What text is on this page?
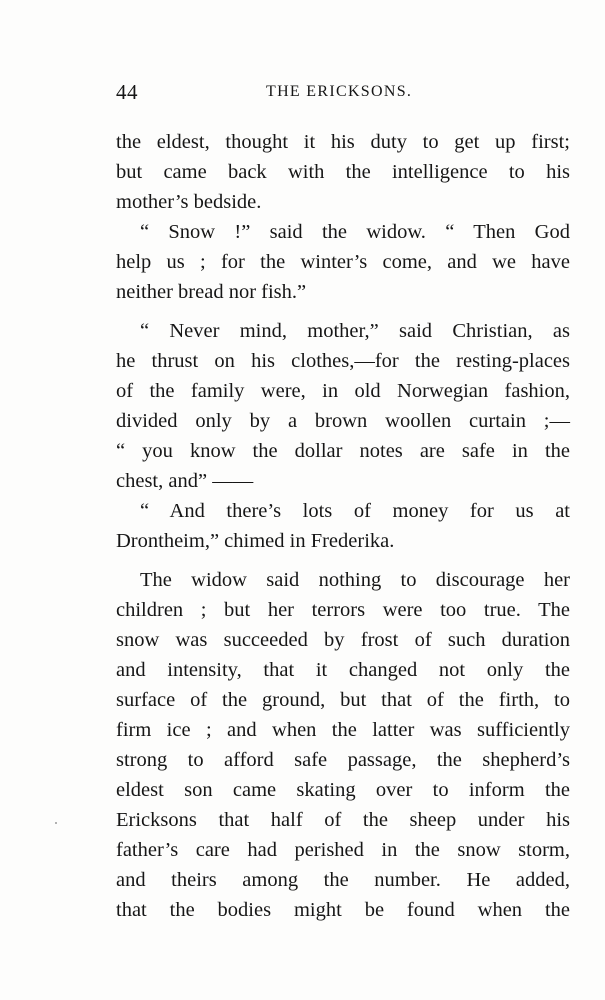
44	THE ERICKSONS.
the eldest, thought it his duty to get up first;
but came back with the intelligence to his
mother’s bedside.
“ Snow !” said the widow. “ Then God
help us ; for the winter’s come, and we have
neither bread nor fish.”
“ Never mind, mother,” said Christian, as
he thrust on his clothes,—for the resting-places
of the family were, in old Norwegian fashion,
divided only by a brown woollen curtain ;—
“ you know the dollar notes are safe in the
chest, and” ——
“ And there’s lots of money for us at
Drontheim,” chimed in Frederika.
The widow said nothing to discourage her
children ; but her terrors were too true. The
snow was succeeded by frost of such duration
and intensity, that it changed not only the
surface of the ground, but that of the firth, to
firm ice ; and when the latter was sufficiently
strong to afford safe passage, the shepherd’s
eldest son came skating over to inform the
Ericksons that half of the sheep under his
father’s care had perished in the snow storm,
and theirs among the number. He added,
that the bodies might be found when the
